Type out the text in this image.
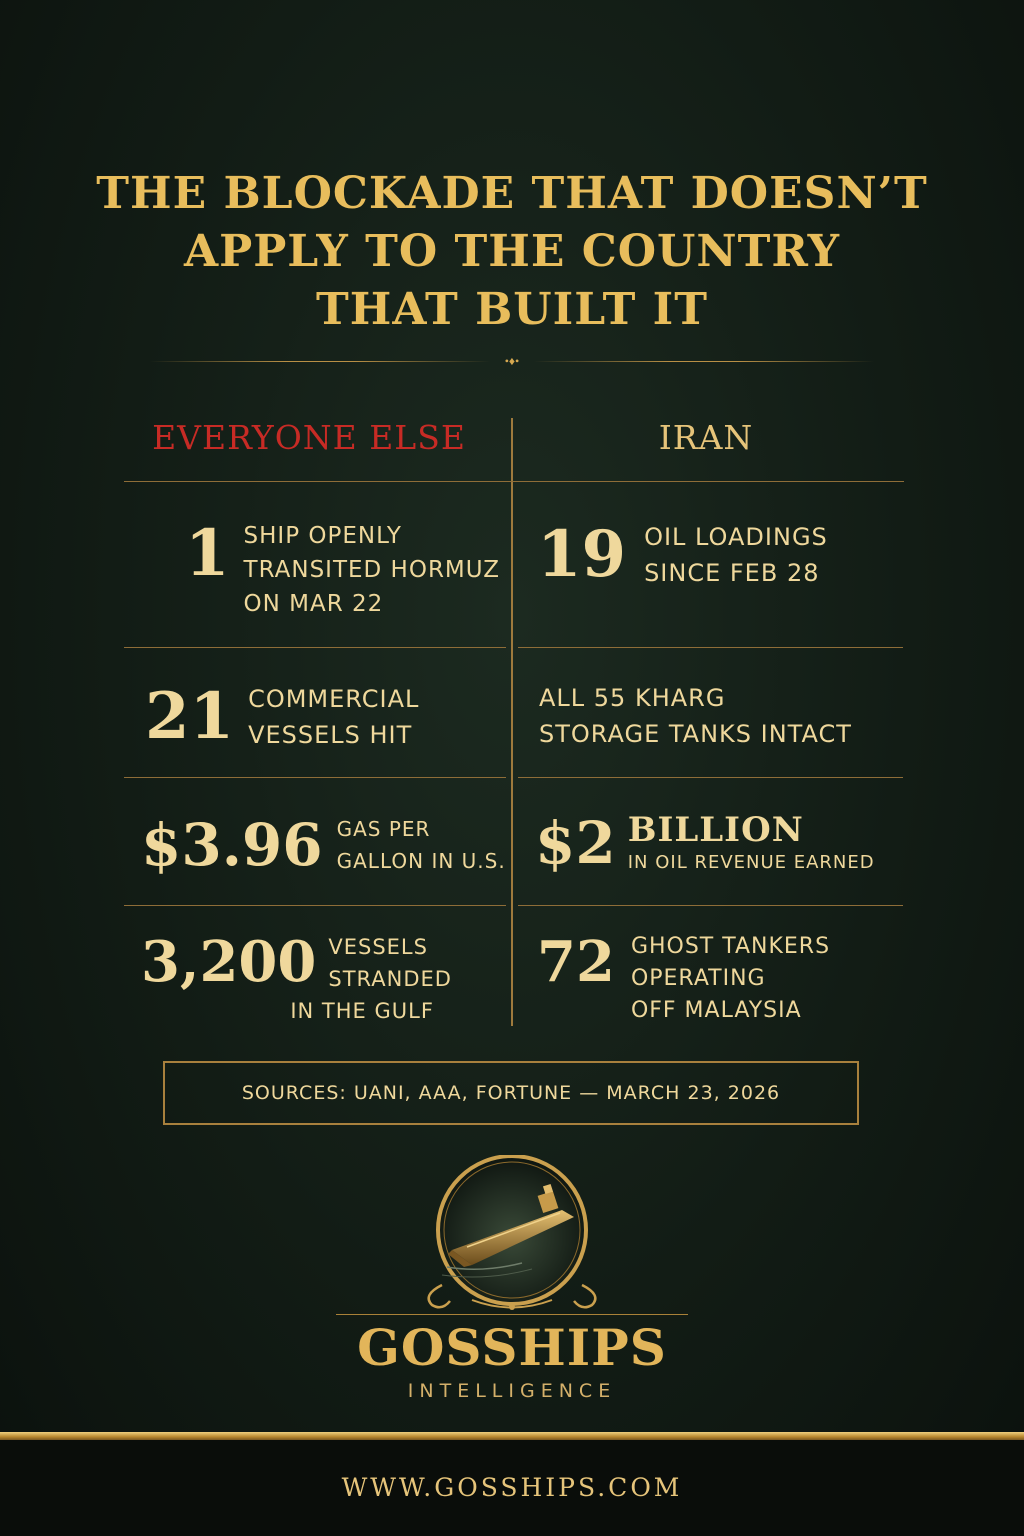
THE BLOCKADE THAT DOESN’T
APPLY TO THE COUNTRY
THAT BUILT IT
•♦•
EVERYONE ELSE	IRAN
1 SHIP OPENLY
TRANSITED HORMUZ
ON MAR 22
19 OIL LOADINGS
SINCE FEB 28
21 COMMERCIAL
VESSELS HIT
ALL 55 KHARG
STORAGE TANKS INTACT
$3.96 GAS PER
GALLON IN U.S. $2 BILLION
IN OIL REVENUE EARNED
3,200 VESSELS
STRANDED
IN THE GULF
72 GHOST TANKERS
OPERATING
OFF MALAYSIA
SOURCES: UANI, AAA, FORTUNE — MARCH 23, 2026
GOSSHIPS
INTELLIGENCE
WWW.GOSSHIPS.COM
